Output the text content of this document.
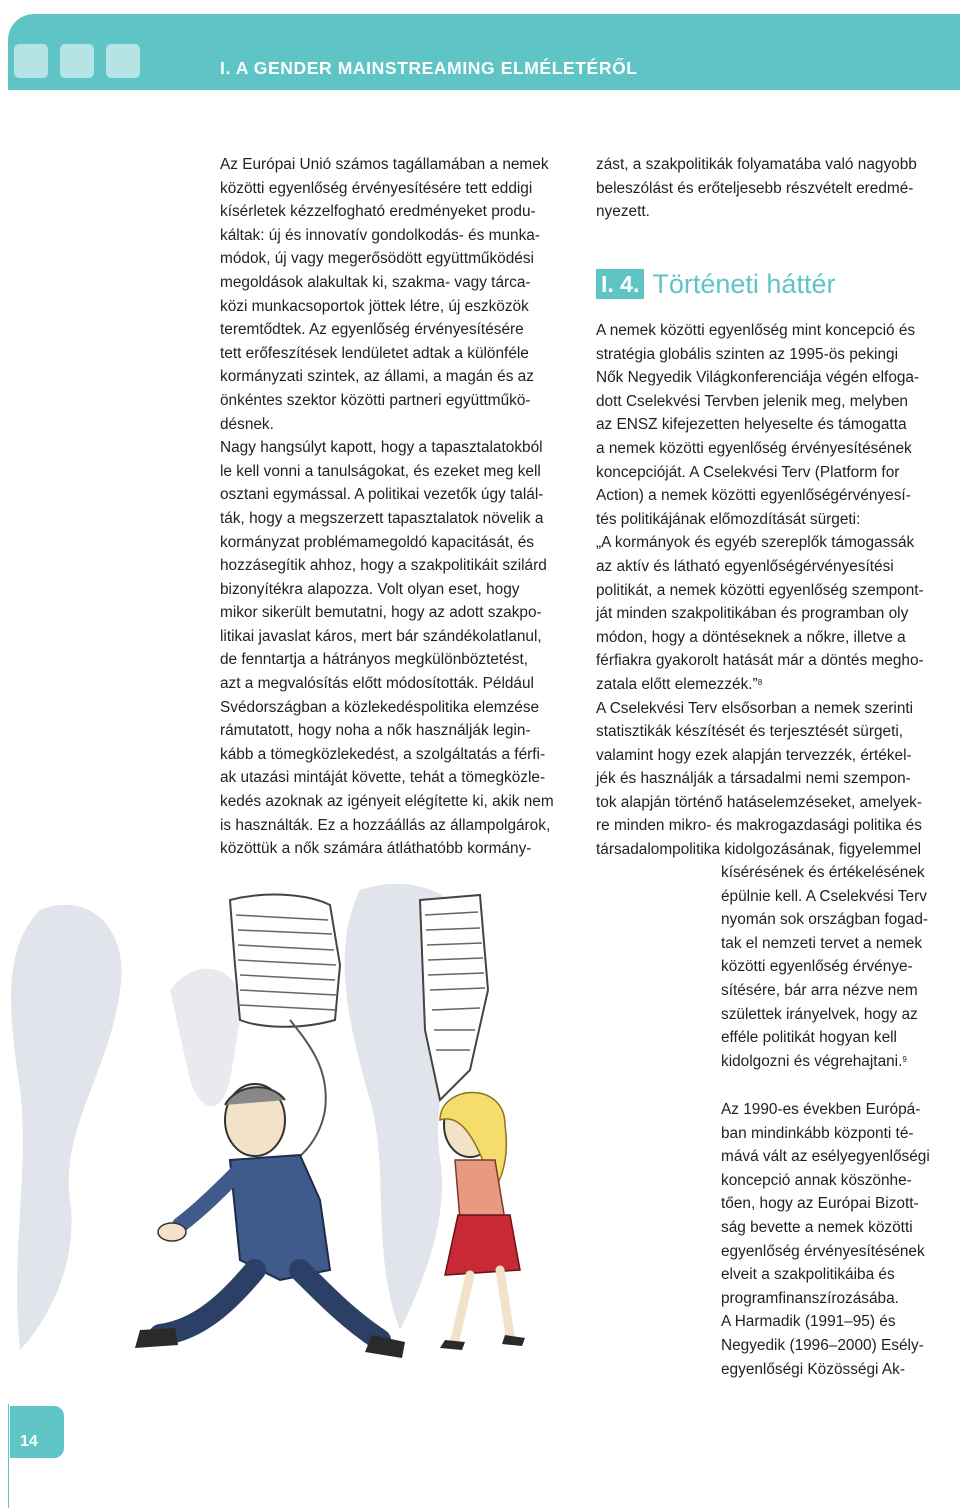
I. A GENDER MAINSTREAMING ELMÉLETÉRŐL

Az Európai Unió számos tagállamában a nemek
közötti egyenlőség érvényesítésére tett eddigi
kísérletek kézzelfogható eredményeket produ-
káltak: új és innovatív gondolkodás- és munka-
módok, új vagy megerősödött együttműködési
megoldások alakultak ki, szakma- vagy tárca-
közi munkacsoportok jöttek létre, új eszközök
teremtődtek. Az egyenlőség érvényesítésére
tett erőfeszítések lendületet adtak a különféle
kormányzati szintek, az állami, a magán és az
önkéntes szektor közötti partneri együttműkö-
désnek.
Nagy hangsúlyt kapott, hogy a tapasztalatokból
le kell vonni a tanulságokat, és ezeket meg kell
osztani egymással. A politikai vezetők úgy talál-
ták, hogy a megszerzett tapasztalatok növelik a
kormányzat problémamegoldó kapacitását, és
hozzásegítik ahhoz, hogy a szakpolitikáit szilárd
bizonyítékra alapozza. Volt olyan eset, hogy
mikor sikerült bemutatni, hogy az adott szakpo-
litikai javaslat káros, mert bár szándékolatlanul,
de fenntartja a hátrányos megkülönböztetést,
azt a megvalósítás előtt módosították. Például
Svédországban a közlekedéspolitika elemzése
rámutatott, hogy noha a nők használják legin-
kább a tömegközlekedést, a szolgáltatás a férfi-
ak utazási mintáját követte, tehát a tömegközle-
kedés azoknak az igényeit elégítette ki, akik nem
is használták. Ez a hozzáállás az állampolgárok,
közöttük a nők számára átláthatóbb kormány-

zást, a szakpolitikák folyamatába való nagyobb
beleszólást és erőteljesebb részvételt eredmé-
nyezett.

I. 4. Történeti háttér

A nemek közötti egyenlőség mint koncepció és
stratégia globális szinten az 1995-ös pekingi
Nők Negyedik Világkonferenciája végén elfoga-
dott Cselekvési Tervben jelenik meg, melyben
az ENSZ kifejezetten helyeselte és támogatta
a nemek közötti egyenlőség érvényesítésének
koncepcióját. A Cselekvési Terv (Platform for
Action) a nemek közötti egyenlőségérvényesí-
tés politikájának előmozdítását sürgeti:
„A kormányok és egyéb szereplők támogassák
az aktív és látható egyenlőségérvényesítési
politikát, a nemek közötti egyenlőség szempont-
ját minden szakpolitikában és programban oly
módon, hogy a döntéseknek a nőkre, illetve a
férfiakra gyakorolt hatását már a döntés megho-
zatala előtt elemezzék.”$^8$

A Cselekvési Terv elsősorban a nemek szerinti
statisztikák készítését és terjesztését sürgeti,
valamint hogy ezek alapján tervezzék, értékel-
jék és használják a társadalmi nemi szempon-
tok alapján történő hatáselemzéseket, amelyek-
re minden mikro- és makrogazdasági politika és
társadalompolitika kidolgozásának, figyelemmel

kísérésének és értékelésének
épülnie kell. A Cselekvési Terv
nyomán sok országban fogad-
tak el nemzeti tervet a nemek
közötti egyenlőség érvénye-
sítésére, bár arra nézve nem
születtek irányelvek, hogy az
efféle politikát hogyan kell
kidolgozni és végrehajtani.$^9$

Az 1990-es években Európá-
ban mindinkább központi té-
mává vált az esélyegyenlőségi
koncepció annak köszönhe-
tően, hogy az Európai Bizott-
ság bevette a nemek közötti
egyenlőség érvényesítésének
elveit a szakpolitikáiba és
programfinanszírozásába.
A Harmadik (1991–95) és
Negyedik (1996–2000) Esély-
egyenlőségi Közösségi Ak-

14
